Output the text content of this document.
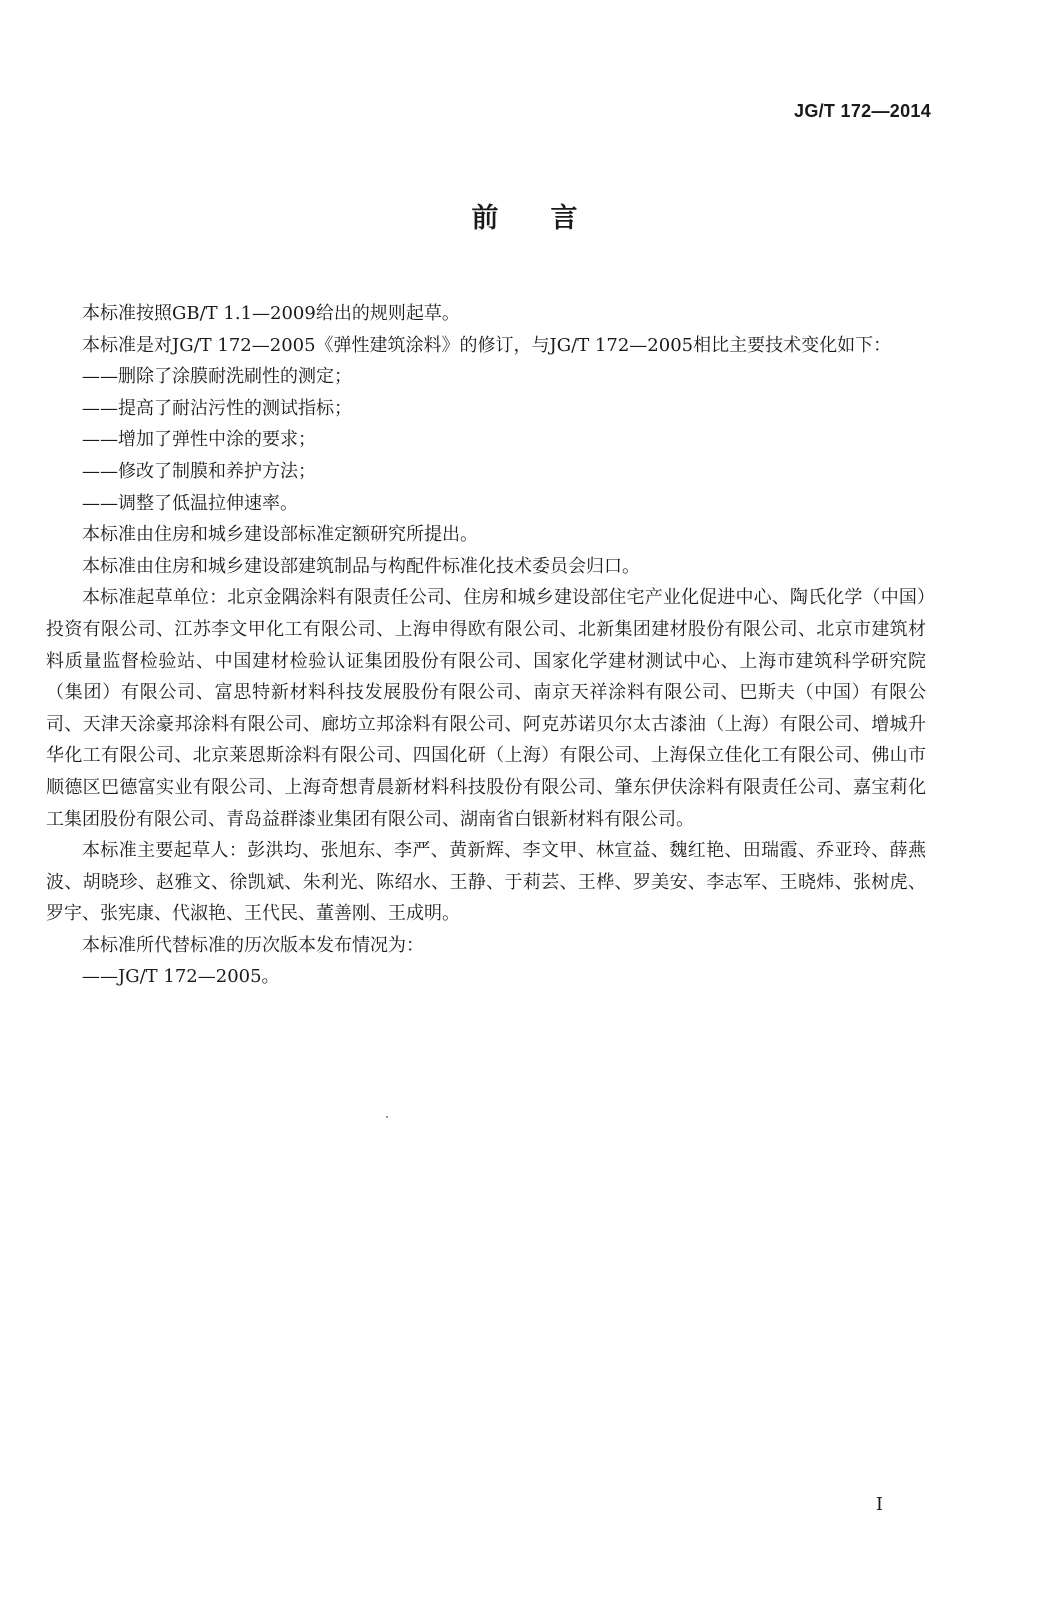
JG/T 172—2014
前言

本标准按照GB/T 1.1—2009给出的规则起草。

本标准是对JG/T 172—2005《弹性建筑涂料》的修订，与JG/T 172—2005相比主要技术变化如下：

——删除了涂膜耐洗刷性的测定；

——提高了耐沾污性的测试指标；

——增加了弹性中涂的要求；

——修改了制膜和养护方法；

——调整了低温拉伸速率。

本标准由住房和城乡建设部标准定额研究所提出。

本标准由住房和城乡建设部建筑制品与构配件标准化技术委员会归口。

本标准起草单位：北京金隅涂料有限责任公司、住房和城乡建设部住宅产业化促进中心、陶氏化学（中国）投资有限公司、江苏李文甲化工有限公司、上海申得欧有限公司、北新集团建材股份有限公司、北京市建筑材料质量监督检验站、中国建材检验认证集团股份有限公司、国家化学建材测试中心、上海市建筑科学研究院（集团）有限公司、富思特新材料科技发展股份有限公司、南京天祥涂料有限公司、巴斯夫（中国）有限公司、天津天涂豪邦涂料有限公司、廊坊立邦涂料有限公司、阿克苏诺贝尔太古漆油（上海）有限公司、增城升华化工有限公司、北京莱恩斯涂料有限公司、四国化研（上海）有限公司、上海保立佳化工有限公司、佛山市顺德区巴德富实业有限公司、上海奇想青晨新材料科技股份有限公司、肇东伊伕涂料有限责任公司、嘉宝莉化工集团股份有限公司、青岛益群漆业集团有限公司、湖南省白银新材料有限公司。

本标准主要起草人：彭洪均、张旭东、李严、黄新辉、李文甲、林宣益、魏红艳、田瑞霞、乔亚玲、薛燕波、胡晓珍、赵雅文、徐凯斌、朱利光、陈绍水、王静、于莉芸、王桦、罗美安、李志军、王晓炜、张树虎、罗宇、张宪康、代淑艳、王代民、董善刚、王成明。

本标准所代替标准的历次版本发布情况为：

——JG/T 172—2005。

I
